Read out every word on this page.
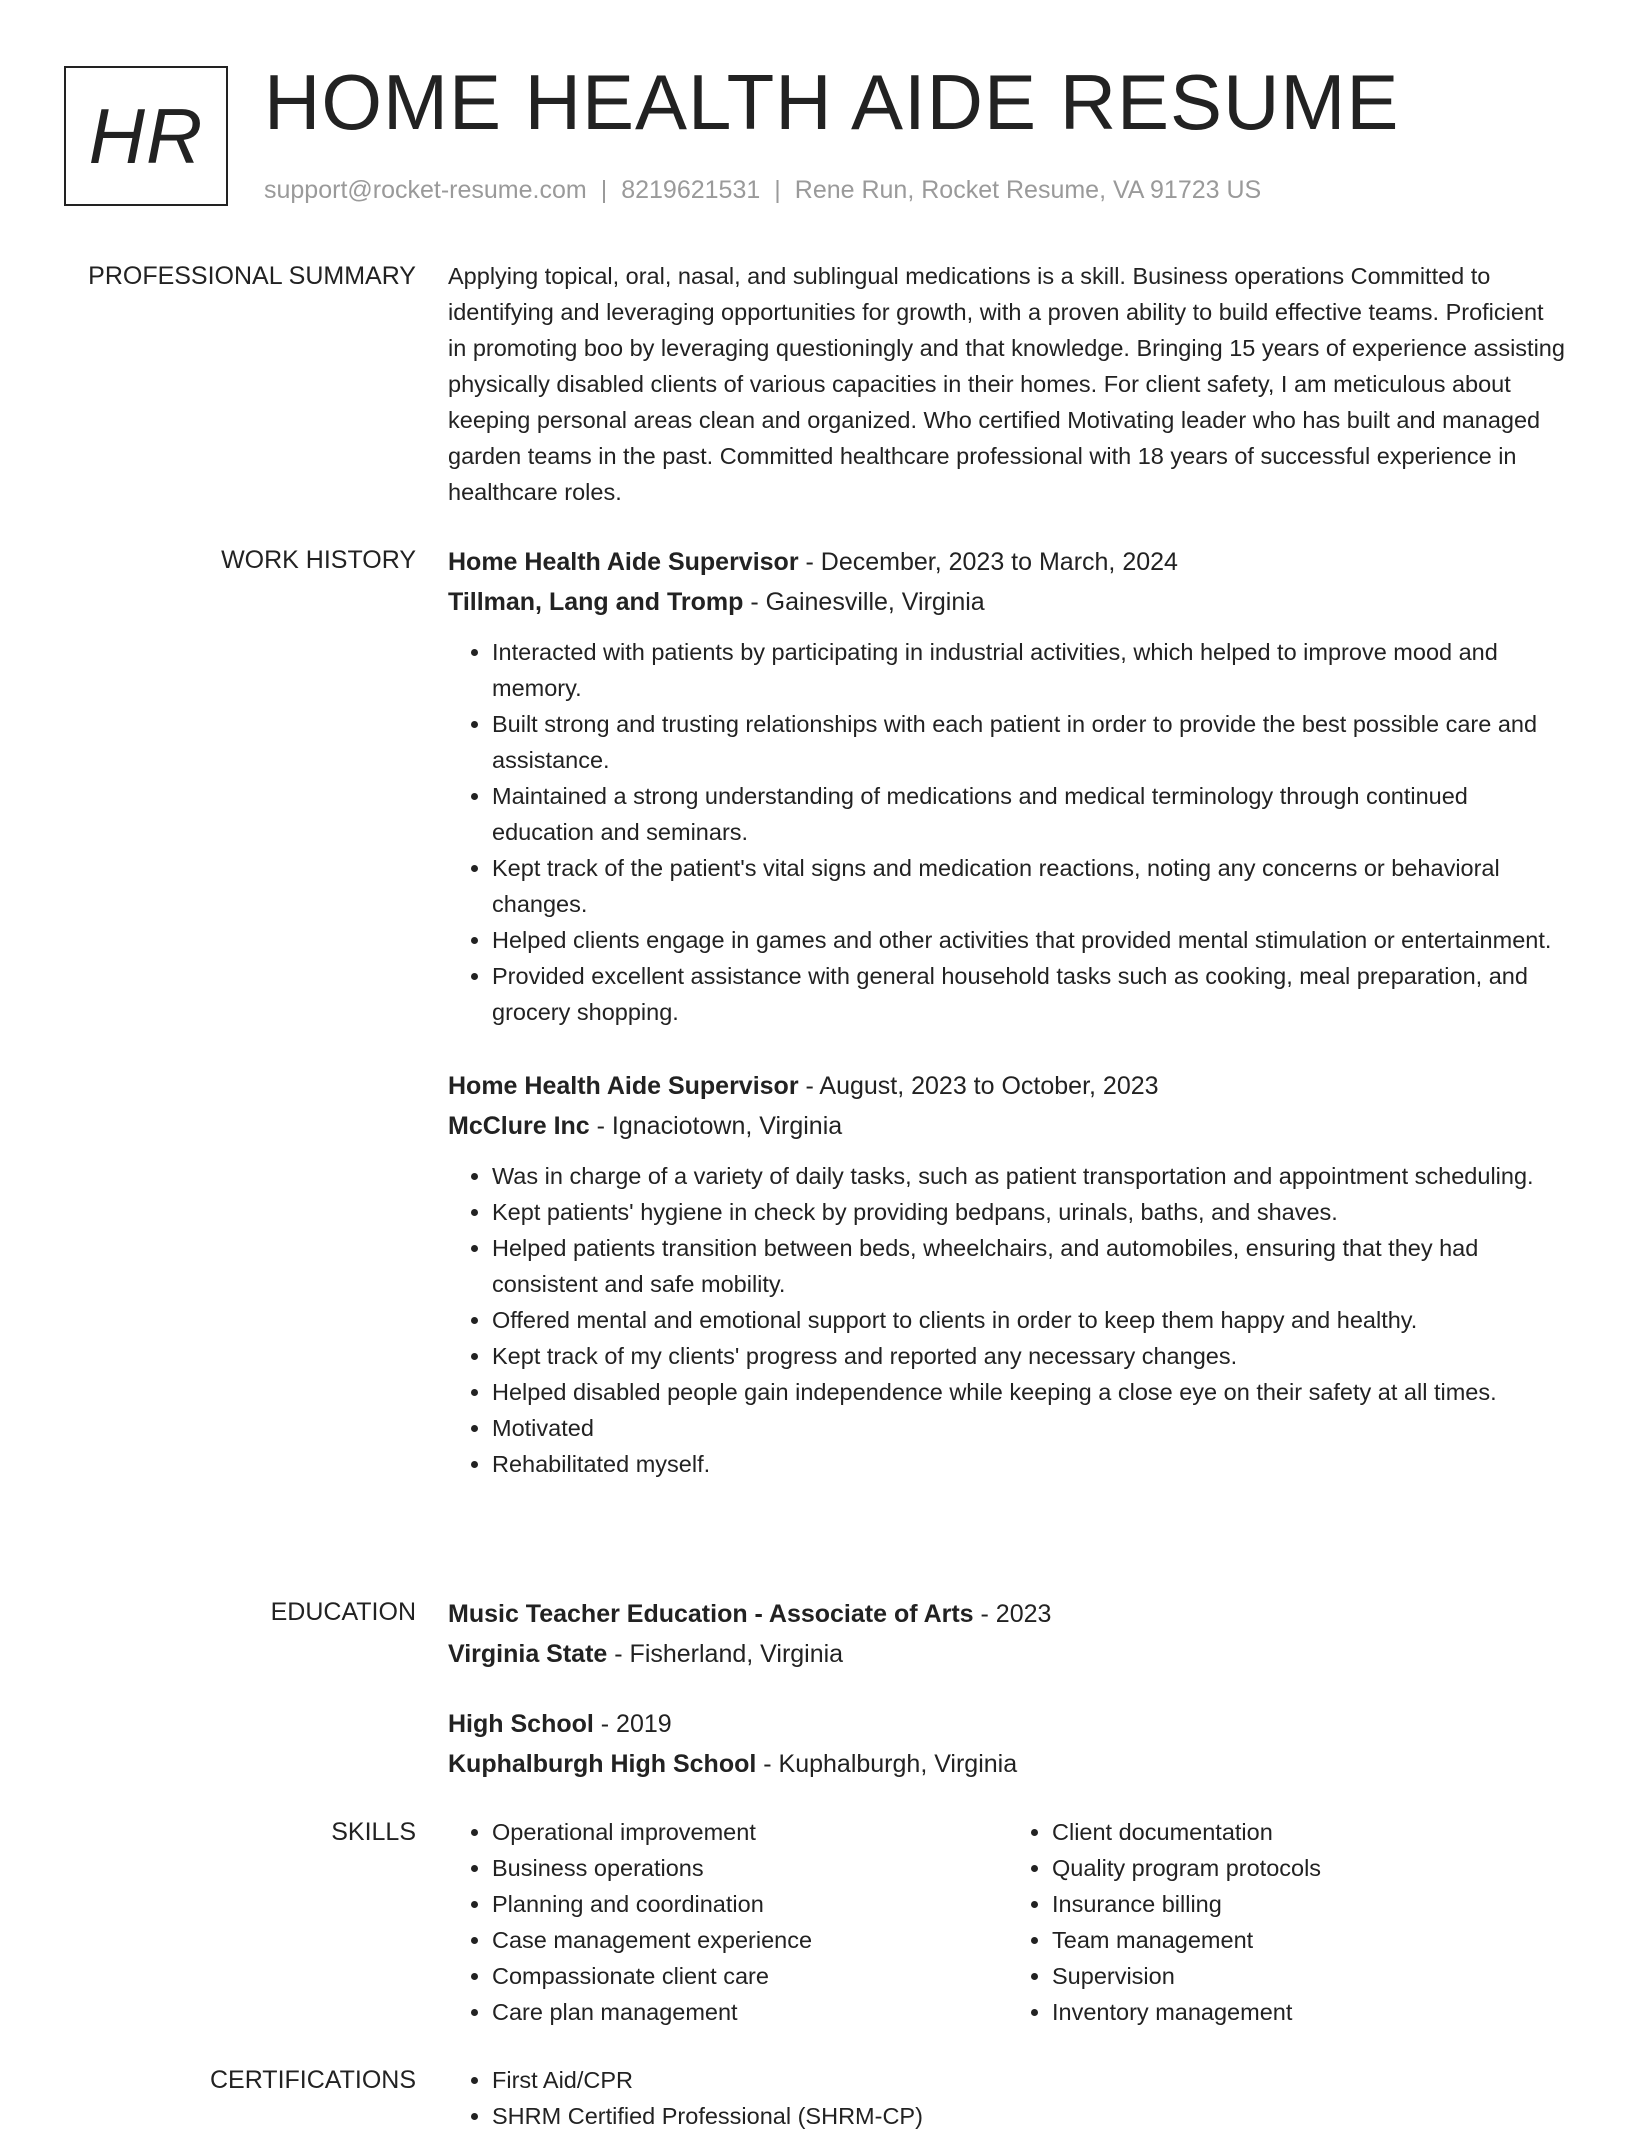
HR HOME HEALTH AIDE RESUME
support@rocket-resume.com | 8219621531 | Rene Run, Rocket Resume, VA 91723 US
PROFESSIONAL SUMMARY Applying topical, oral, nasal, and sublingual medications is a skill. Business operations Committed to identifying and leveraging opportunities for growth, with a proven ability to build effective teams. Proficient in promoting boo by leveraging questioningly and that knowledge. Bringing 15 years of experience assisting physically disabled clients of various capacities in their homes. For client safety, I am meticulous about keeping personal areas clean and organized. Who certified Motivating leader who has built and managed garden teams in the past. Committed healthcare professional with 18 years of successful experience in healthcare roles.

WORK HISTORY Home Health Aide Supervisor - December, 2023 to March, 2024
Tillman, Lang and Tromp - Gainesville, Virginia
• Interacted with patients by participating in industrial activities, which helped to improve mood and memory.
• Built strong and trusting relationships with each patient in order to provide the best possible care and assistance.
• Maintained a strong understanding of medications and medical terminology through continued education and seminars.
• Kept track of the patient's vital signs and medication reactions, noting any concerns or behavioral changes.
• Helped clients engage in games and other activities that provided mental stimulation or entertainment.
• Provided excellent assistance with general household tasks such as cooking, meal preparation, and grocery shopping.
Home Health Aide Supervisor - August, 2023 to October, 2023
McClure Inc - Ignaciotown, Virginia
• Was in charge of a variety of daily tasks, such as patient transportation and appointment scheduling.
• Kept patients' hygiene in check by providing bedpans, urinals, baths, and shaves.
• Helped patients transition between beds, wheelchairs, and automobiles, ensuring that they had consistent and safe mobility.
• Offered mental and emotional support to clients in order to keep them happy and healthy.
• Kept track of my clients' progress and reported any necessary changes.
• Helped disabled people gain independence while keeping a close eye on their safety at all times.
• Motivated
• Rehabilitated myself.
EDUCATION Music Teacher Education - Associate of Arts - 2023
Virginia State - Fisherland, Virginia
High School - 2019
Kuphalburgh High School - Kuphalburgh, Virginia
SKILLS	• Operational improvement
• Business operations
• Planning and coordination
• Case management experience
• Compassionate client care
• Care plan management
• Client documentation
• Quality program protocols
• Insurance billing
• Team management
• Supervision
• Inventory management
CERTIFICATIONS	• First Aid/CPR
• SHRM Certified Professional (SHRM-CP)
